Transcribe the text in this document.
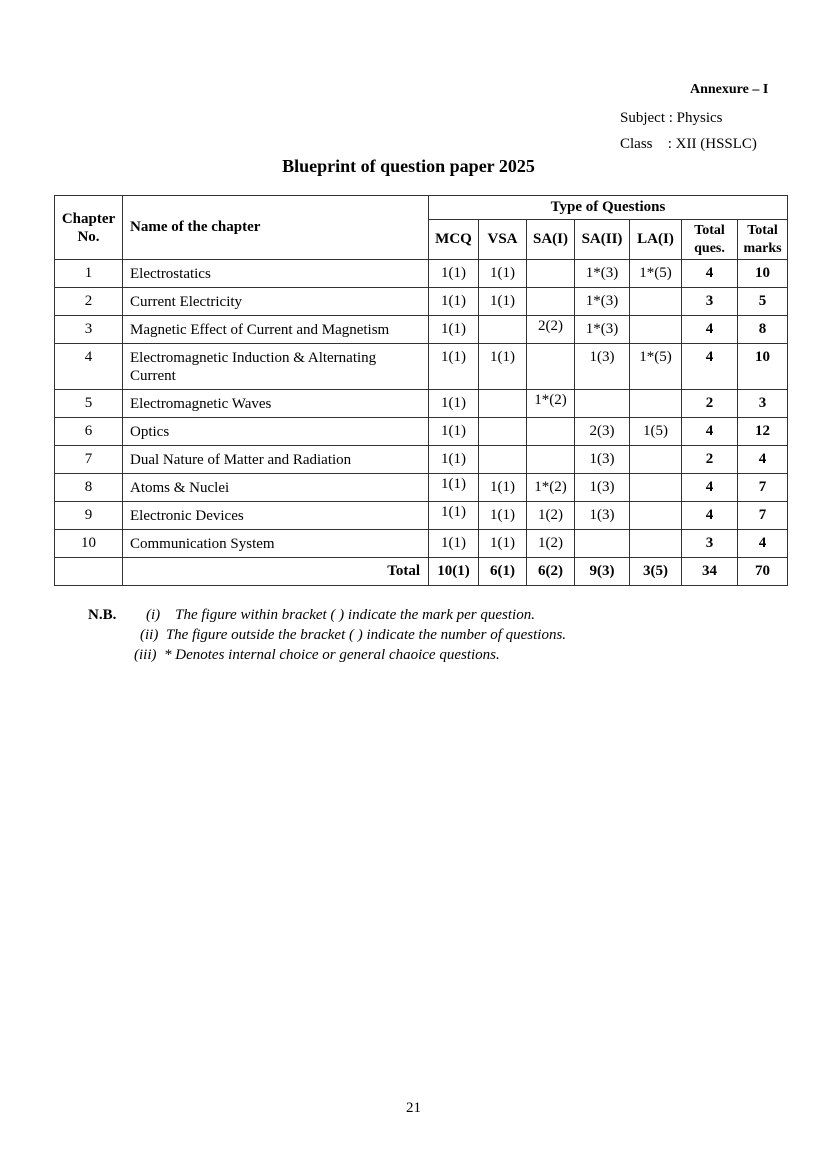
Annexure – I
Subject : Physics
Class : XII (HSSLC)
Blueprint of question paper 2025
Chapter No.	Name of the chapter	Type of Questions						
		MCQ	VSA	SA(I)	SA(II)	LA(I)	Total ques.	Total marks
1	Electrostatics	1(1)	1(1)		1*(3)	1*(5)	4	10
2	Current Electricity	1(1)	1(1)		1*(3)		3	5
3	Magnetic Effect of Current and Magnetism	1(1)		2(2)	1*(3)		4	8
4	Electromagnetic Induction & Alternating Current	1(1)	1(1)		1(3)	1*(5)	4	10
5	Electromagnetic Waves	1(1)		1*(2)			2	3
6	Optics	1(1)			2(3)	1(5)	4	12
7	Dual Nature of Matter and Radiation	1(1)			1(3)		2	4
8	Atoms & Nuclei	1(1)	1(1)	1*(2)	1(3)		4	7
9	Electronic Devices	1(1)	1(1)	1(2)	1(3)		4	7
10	Communication System	1(1)	1(1)	1(2)			3	4
	Total	10(1)	6(1)	6(2)	9(3)	3(5)	34	70
N.B. (i) The figure within bracket ( ) indicate the mark per question.
(ii) The figure outside the bracket ( ) indicate the number of questions.
(iii) * Denotes internal choice or general chaoice questions.
21
